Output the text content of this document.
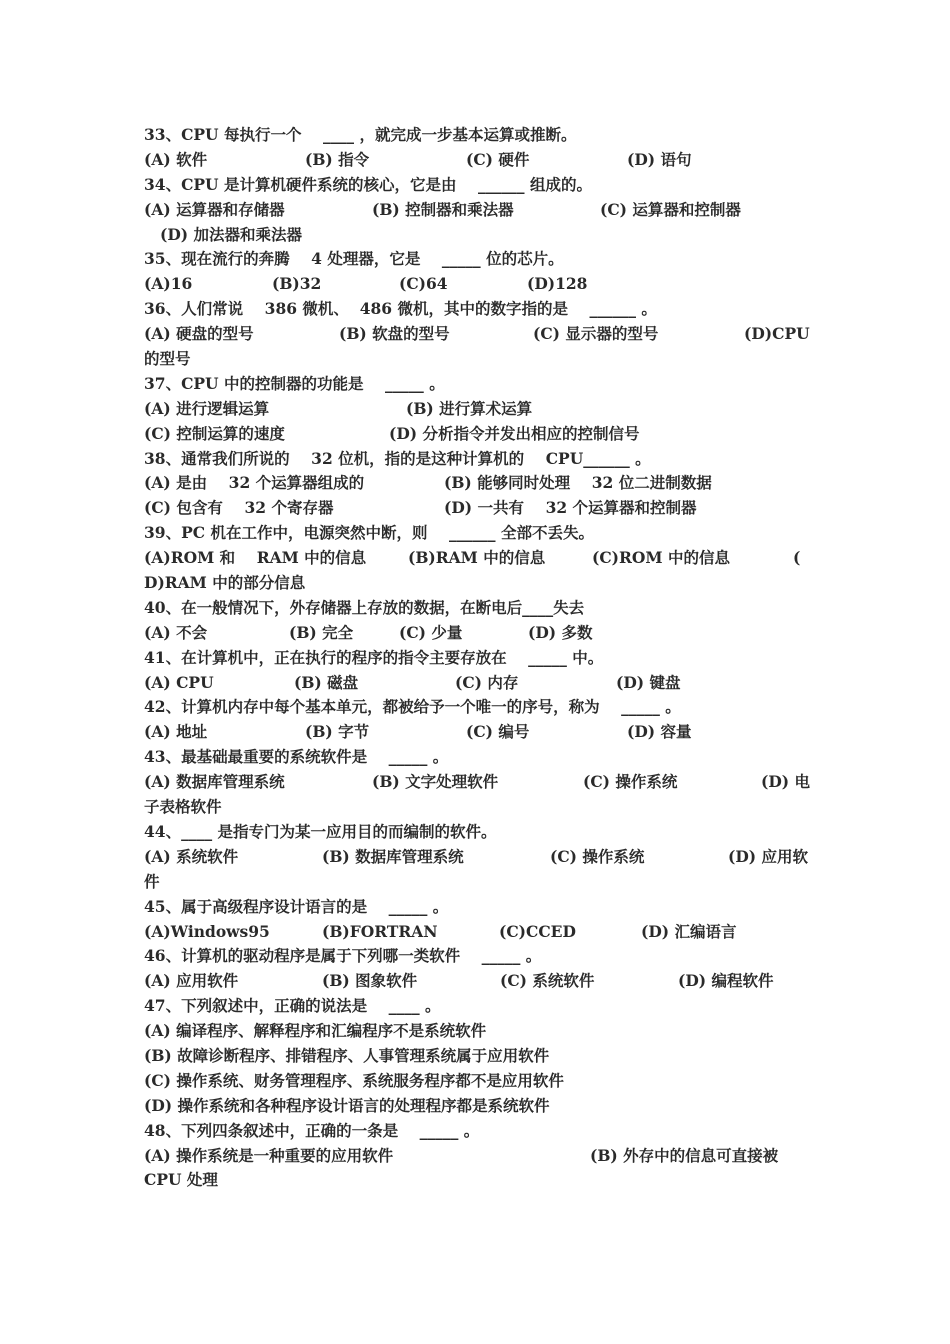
33、CPU 每执行一个    ____ ，就完成一步基本运算或推断。
(A) 软件	(B) 指令	(C) 硬件	(D) 语句
34、CPU 是计算机硬件系统的核心，它是由    ______ 组成的。
(A) 运算器和存储器	(B) 控制器和乘法器	(C) 运算器和控制器
(D) 加法器和乘法器
35、现在流行的奔腾    4 处理器，它是    _____ 位的芯片。
(A)16	(B)32	(C)64	(D)128
36、人们常说    386 微机、  486 微机，其中的数字指的是    ______ 。
(A) 硬盘的型号	(B) 软盘的型号	(C) 显示器的型号	(D)CPU
的型号
37、CPU 中的控制器的功能是    _____ 。
(A) 进行逻辑运算	(B) 进行算术运算
(C) 控制运算的速度	(D) 分析指令并发出相应的控制信号
38、通常我们所说的    32 位机，指的是这种计算机的    CPU______ 。
(A) 是由    32 个运算器组成的	(B) 能够同时处理    32 位二进制数据
(C) 包含有    32 个寄存器	(D) 一共有    32 个运算器和控制器
39、PC 机在工作中，电源突然中断，则    ______ 全部不丢失。
(A)ROM 和    RAM 中的信息	(B)RAM 中的信息	(C)ROM 中的信息	(
D)RAM 中的部分信息
40、在一般情况下，外存储器上存放的数据，在断电后____失去
(A) 不会	(B) 完全	(C) 少量	(D) 多数
41、在计算机中，正在执行的程序的指令主要存放在    _____ 中。
(A) CPU	(B) 磁盘	(C) 内存	(D) 键盘
42、计算机内存中每个基本单元，都被给予一个唯一的序号，称为    _____ 。
(A) 地址	(B) 字节	(C) 编号	(D) 容量
43、最基础最重要的系统软件是    _____ 。
(A) 数据库管理系统	(B) 文字处理软件	(C) 操作系统	(D) 电
子表格软件
44、____ 是指专门为某一应用目的而编制的软件。
(A) 系统软件	(B) 数据库管理系统	(C) 操作系统	(D) 应用软
件
45、属于高级程序设计语言的是    _____ 。
(A)Windows95	(B)FORTRAN	(C)CCED	(D) 汇编语言
46、计算机的驱动程序是属于下列哪一类软件    _____ 。
(A) 应用软件	(B) 图象软件	(C) 系统软件	(D) 编程软件
47、下列叙述中，正确的说法是    ____ 。
(A) 编译程序、解释程序和汇编程序不是系统软件
(B) 故障诊断程序、排错程序、人事管理系统属于应用软件
(C) 操作系统、财务管理程序、系统服务程序都不是应用软件
(D) 操作系统和各种程序设计语言的处理程序都是系统软件
48、下列四条叙述中，正确的一条是    _____ 。
(A) 操作系统是一种重要的应用软件	(B) 外存中的信息可直接被
CPU 处理
